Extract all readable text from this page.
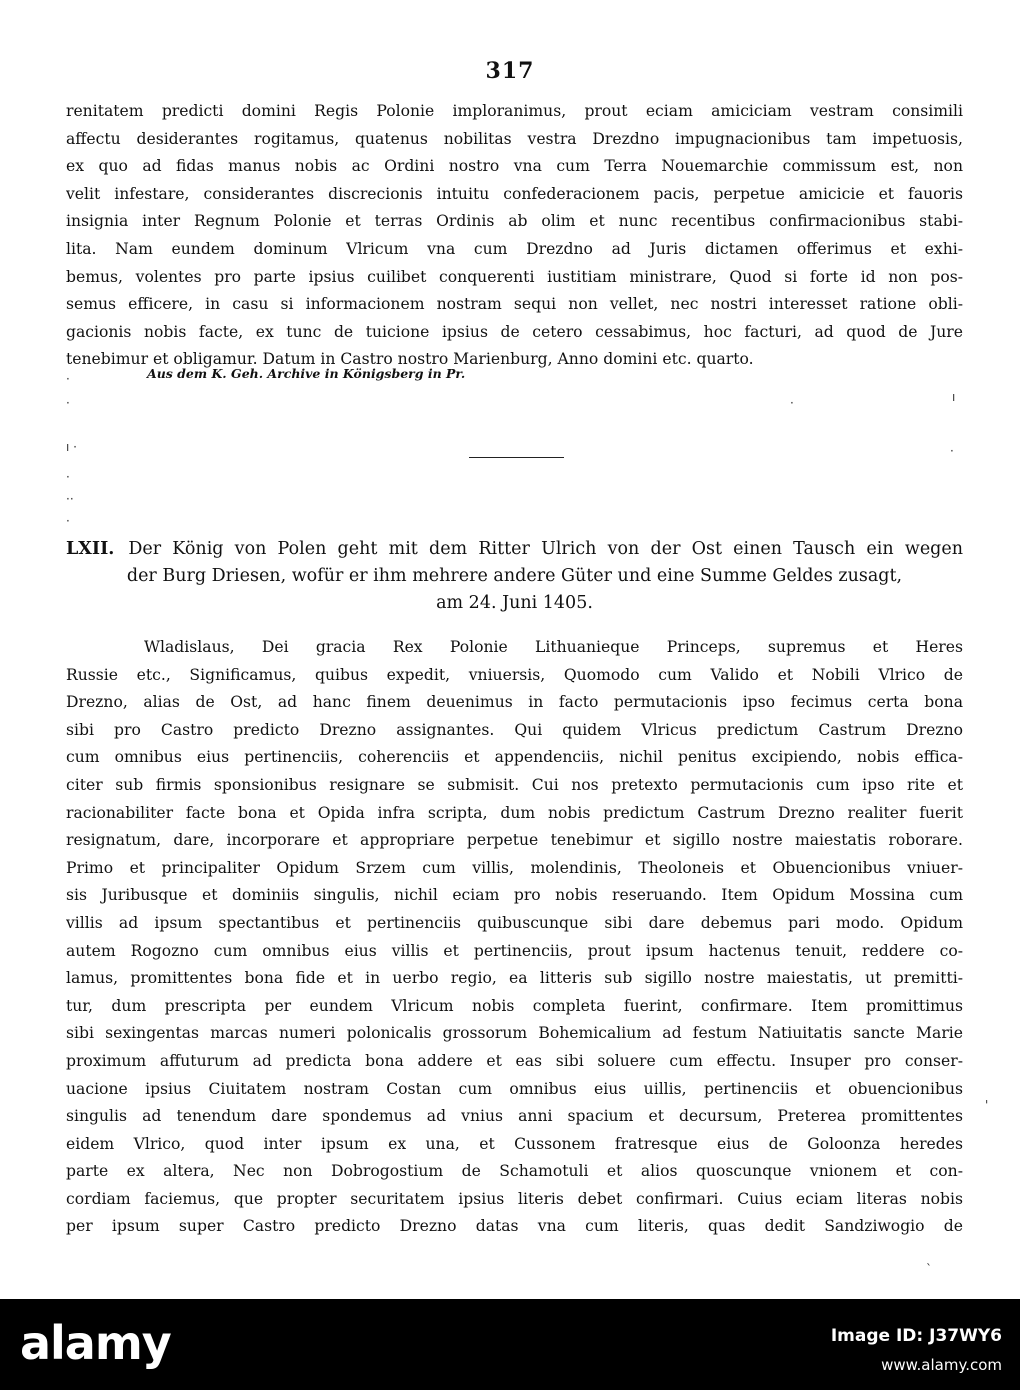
317
renitatem predicti domini Regis Polonie imploranimus, prout eciam amiciciam vestram consimili
affectu desiderantes rogitamus, quatenus nobilitas vestra Drezdno impugnacionibus tam impetuosis,
ex quo ad fidas manus nobis ac Ordini nostro vna cum Terra Nouemarchie commissum est, non
velit infestare, considerantes discrecionis intuitu confederacionem pacis, perpetue amicicie et fauoris
insignia inter Regnum Polonie et terras Ordinis ab olim et nunc recentibus confirmacionibus stabi-
lita. Nam eundem dominum Vlricum vna cum Drezdno ad Juris dictamen offerimus et exhi-
bemus, volentes pro parte ipsius cuilibet conquerenti iustitiam ministrare, Quod si forte id non pos-
semus efficere, in casu si informacionem nostram sequi non vellet, nec nostri interesset ratione obli-
gacionis nobis facte, ex tunc de tuicione ipsius de cetero cessabimus, hoc facturi, ad quod de Jure
tenebimur et obligamur. Datum in Castro nostro Marienburg, Anno domini etc. quarto.
Aus dem K. Geh. Archive in Königsberg in Pr.
·
·
ı ·
·
··
·
·	ı
·
LXII. Der König von Polen geht mit dem Ritter Ulrich von der Ost einen Tausch ein wegen
der Burg Driesen, wofür er ihm mehrere andere Güter und eine Summe Geldes zusagt,
am 24. Juni 1405.
Wladislaus, Dei gracia Rex Polonie Lithuanieque Princeps, supremus et Heres
Russie etc., Significamus, quibus expedit, vniuersis, Quomodo cum Valido et Nobili Vlrico de
Drezno, alias de Ost, ad hanc finem deuenimus in facto permutacionis ipso fecimus certa bona
sibi pro Castro predicto Drezno assignantes. Qui quidem Vlricus predictum Castrum Drezno
cum omnibus eius pertinenciis, coherenciis et appendenciis, nichil penitus excipiendo, nobis effica-
citer sub firmis sponsionibus resignare se submisit. Cui nos pretexto permutacionis cum ipso rite et
racionabiliter facte bona et Opida infra scripta, dum nobis predictum Castrum Drezno realiter fuerit
resignatum, dare, incorporare et appropriare perpetue tenebimur et sigillo nostre maiestatis roborare.
Primo et principaliter Opidum Srzem cum villis, molendinis, Theoloneis et Obuencionibus vniuer-
sis Juribusque et dominiis singulis, nichil eciam pro nobis reseruando. Item Opidum Mossina cum
villis ad ipsum spectantibus et pertinenciis quibuscunque sibi dare debemus pari modo. Opidum
autem Rogozno cum omnibus eius villis et pertinenciis, prout ipsum hactenus tenuit, reddere co-
lamus, promittentes bona fide et in uerbo regio, ea litteris sub sigillo nostre maiestatis, ut premitti-
tur, dum prescripta per eundem Vlricum nobis completa fuerint, confirmare. Item promittimus
sibi sexingentas marcas numeri polonicalis grossorum Bohemicalium ad festum Natiuitatis sancte Marie
proximum affuturum ad predicta bona addere et eas sibi soluere cum effectu. Insuper pro conser-
uacione ipsius Ciuitatem nostram Costan cum omnibus eius uillis, pertinenciis et obuencionibus
singulis ad tenendum dare spondemus ad vnius anni spacium et decursum, Preterea promittentes
eidem Vlrico, quod inter ipsum ex una, et Cussonem fratresque eius de Goloonza heredes
parte ex altera, Nec non Dobrogostium de Schamotuli et alios quoscunque vnionem et con-
cordiam faciemus, que propter securitatem ipsius literis debet confirmari. Cuius eciam literas nobis
per ipsum super Castro predicto Drezno datas vna cum literis, quas dedit Sandziwogio de
'
`
alamy	Image ID: J37WY6
www.alamy.com
